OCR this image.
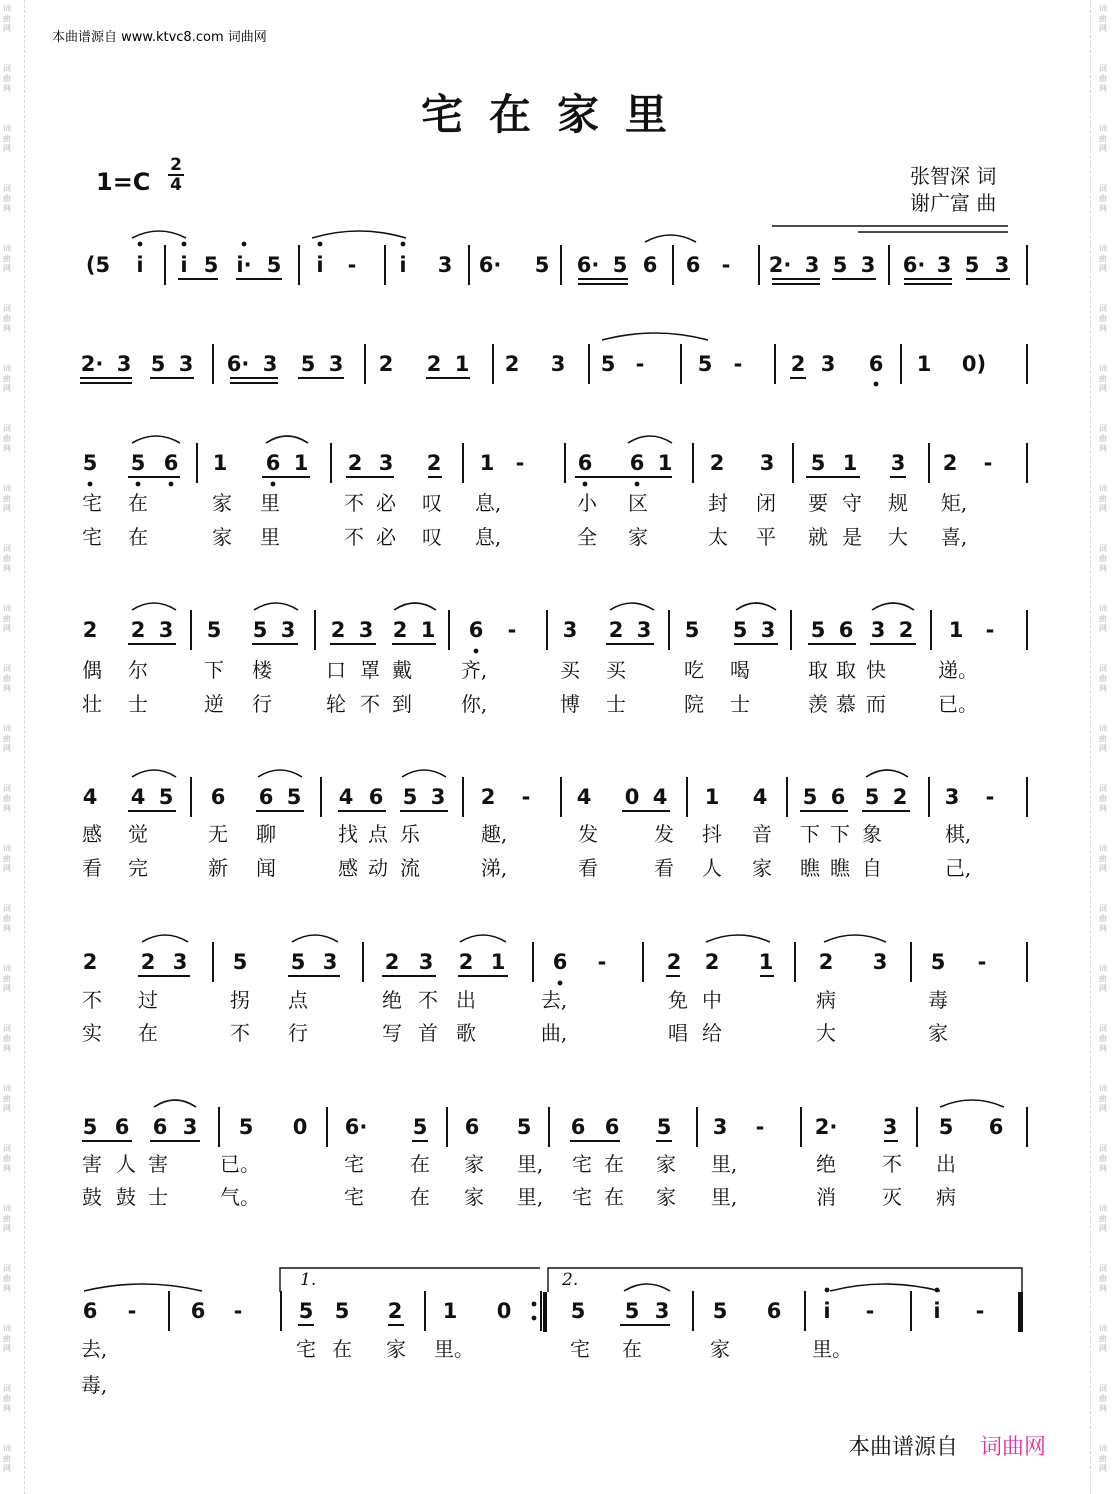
词
曲
网
词
曲
网
词
曲
网
词
曲
网
词
曲
网
词
曲
网
词
曲
网
词
曲
网
词
曲
网
词
曲
网
词
曲
网
词
曲
网
词
曲
网
词
曲
网
词
曲
网
词
曲
网
词
曲
网
词
曲
网
词
曲
网
词
曲
网
词
曲
网
词
曲
网
词
曲
网
词
曲
网
词
曲
网
词
曲
网
词
曲
网
词
曲
网
词
曲
网
词
曲
网
词
曲
网
词
曲
网
词
曲
网
词
曲
网
词
曲
网
词
曲
网
词
曲
网
词
曲
网
词
曲
网
词
曲
网
词
曲
网
词
曲
网
词
曲
网
词
曲
网
词
曲
网
词
曲
网
词
曲
网
词
曲
网
词
曲
网
词
曲
网
本曲谱源自 www.ktvc8.com 词曲网
宅在家里
1=C
2
4	张智深 词
谢广富 曲
(5 i i 5 i· 5 i - i 3 6· 5 6· 5 6 6 - 2· 3 5 3 6· 3 5 3
2· 3 5 3 6· 3 5 3 2 2 1 2 3 5 -	5 - 2 3 6 1 0)
5 5 6 1 6 1 2 3 2 1 -	6 6 1 2 3 5 1 3 2 -
宅 在	家 里	不 必 叹 息,	小 区	封 闭 要 守 规 矩,
宅 在	家 里	不 必 叹 息,	全 家	太 平 就 是 大 喜,
2 2 3 5 5 3 2 3 2 1 6 - 3 2 3 5 5 3 5 6 3 2 1 -
偶 尔	下 楼	口 罩 戴 齐,	买 买	吃 喝	取 取 快	递。
壮 士	逆 行	轮 不 到 你,	博 士	院 士	羡 慕 而	已。
4 4 5 6 6 5 4 6 5 3 2 - 4 0 4 1 4 5 6 5 2 3 -
感 觉	无 聊	找 点 乐	趣,	发	发 抖 音 下 下 象	棋,
看 完	新 闻	感 动 流	涕,	看	看 人 家 瞧 瞧 自	己,
2 2 3 5 5 3 2 3 2 1 6 -	2 2 1 2 3 5 -
不 过	拐 点	绝 不 出	去,	免 中	病	毒
实 在	不 行	写 首 歌	曲,	唱 给	大	家
5 6 6 3 5 0 6· 5 6 5 6 6 5 3 - 2· 3 5 6
害 人 害	已。	宅 在 家 里, 宅 在 家 里,	绝 不 出
鼓 鼓 士	气。	宅 在 家 里, 宅 在 家 里,	消 灭 病
6 -	6 -	5 5 2 1 0	5 5 3 5 6 i -	i -
去,	宅 在 家 里。	宅 在	家	里。
毒,
1.	2.
本曲谱源自 词曲网
